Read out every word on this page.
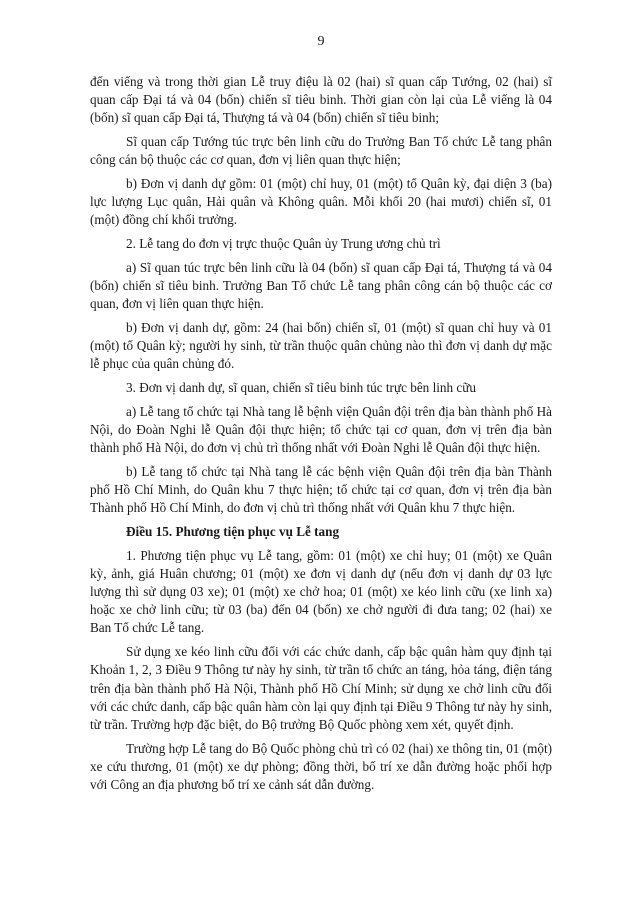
9

đến viếng và trong thời gian Lễ truy điệu là 02 (hai) sĩ quan cấp Tướng, 02 (hai) sĩ quan cấp Đại tá và 04 (bốn) chiến sĩ tiêu binh. Thời gian còn lại của Lễ viếng là 04 (bốn) sĩ quan cấp Đại tá, Thượng tá và 04 (bốn) chiến sĩ tiêu binh;

Sĩ quan cấp Tướng túc trực bên linh cữu do Trưởng Ban Tổ chức Lễ tang phân công cán bộ thuộc các cơ quan, đơn vị liên quan thực hiện;

b) Đơn vị danh dự gồm: 01 (một) chỉ huy, 01 (một) tổ Quân kỳ, đại diện 3 (ba) lực lượng Lục quân, Hải quân và Không quân. Mỗi khối 20 (hai mươi) chiến sĩ, 01 (một) đồng chí khối trưởng.

2. Lễ tang do đơn vị trực thuộc Quân ủy Trung ương chủ trì

a) Sĩ quan túc trực bên linh cữu là 04 (bốn) sĩ quan cấp Đại tá, Thượng tá và 04 (bốn) chiến sĩ tiêu binh. Trưởng Ban Tổ chức Lễ tang phân công cán bộ thuộc các cơ quan, đơn vị liên quan thực hiện.

b) Đơn vị danh dự, gồm: 24 (hai bốn) chiến sĩ, 01 (một) sĩ quan chỉ huy và 01 (một) tổ Quân kỳ; người hy sinh, từ trần thuộc quân chủng nào thì đơn vị danh dự mặc lễ phục của quân chủng đó.

3. Đơn vị danh dự, sĩ quan, chiến sĩ tiêu binh túc trực bên linh cữu

a) Lễ tang tổ chức tại Nhà tang lễ bệnh viện Quân đội trên địa bàn thành phố Hà Nội, do Đoàn Nghi lễ Quân đội thực hiện; tổ chức tại cơ quan, đơn vị trên địa bàn thành phố Hà Nội, do đơn vị chủ trì thống nhất với Đoàn Nghi lễ Quân đội thực hiện.

b) Lễ tang tổ chức tại Nhà tang lễ các bệnh viện Quân đội trên địa bàn Thành phố Hồ Chí Minh, do Quân khu 7 thực hiện; tổ chức tại cơ quan, đơn vị trên địa bàn Thành phố Hồ Chí Minh, do đơn vị chủ trì thống nhất với Quân khu 7 thực hiện.

Điều 15. Phương tiện phục vụ Lễ tang

1. Phương tiện phục vụ Lễ tang, gồm: 01 (một) xe chỉ huy; 01 (một) xe Quân kỳ, ảnh, giá Huân chương; 01 (một) xe đơn vị danh dự (nếu đơn vị danh dự 03 lực lượng thì sử dụng 03 xe); 01 (một) xe chở hoa; 01 (một) xe kéo linh cữu (xe linh xa) hoặc xe chở linh cữu; từ 03 (ba) đến 04 (bốn) xe chở người đi đưa tang; 02 (hai) xe Ban Tổ chức Lễ tang.

Sử dụng xe kéo linh cữu đối với các chức danh, cấp bậc quân hàm quy định tại Khoản 1, 2, 3 Điều 9 Thông tư này hy sinh, từ trần tổ chức an táng, hỏa táng, điện táng trên địa bàn thành phố Hà Nội, Thành phố Hồ Chí Minh; sử dụng xe chở linh cữu đối với các chức danh, cấp bậc quân hàm còn lại quy định tại Điều 9 Thông tư này hy sinh, từ trần. Trường hợp đặc biệt, do Bộ trưởng Bộ Quốc phòng xem xét, quyết định.

Trường hợp Lễ tang do Bộ Quốc phòng chủ trì có 02 (hai) xe thông tin, 01 (một) xe cứu thương, 01 (một) xe dự phòng; đồng thời, bố trí xe dẫn đường hoặc phối hợp với Công an địa phương bố trí xe cảnh sát dẫn đường.
